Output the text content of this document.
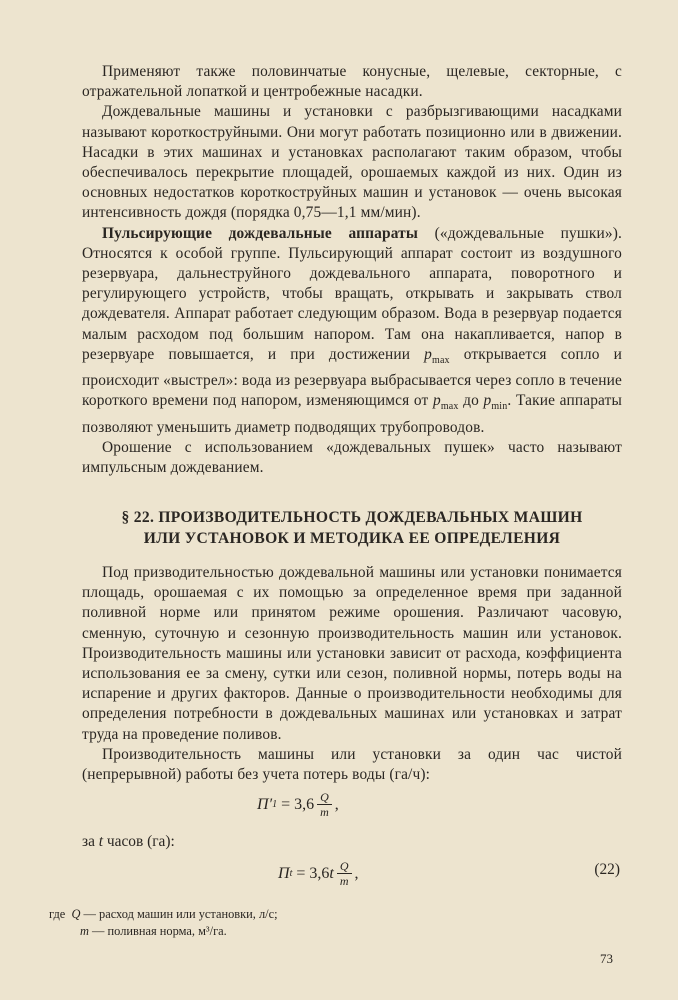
Применяют также половинчатые конусные, щелевые, секторные, с отражательной лопаткой и центробежные насадки.

Дождевальные машины и установки с разбрызгивающими насадками называют короткоструйными. Они могут работать позиционно или в движении. Насадки в этих машинах и установках располагают таким образом, чтобы обеспечивалось перекрытие площадей, орошаемых каждой из них. Один из основных недостатков короткоструйных машин и установок — очень высокая интенсивность дождя (порядка 0,75—1,1 мм/мин).

Пульсирующие дождевальные аппараты («дождевальные пушки»). Относятся к особой группе. Пульсирующий аппарат состоит из воздушного резервуара, дальнеструйного дождевального аппарата, поворотного и регулирующего устройств, чтобы вращать, открывать и закрывать ствол дождевателя. Аппарат работает следующим образом. Вода в резервуар подается малым расходом под большим напором. Там она накапливается, напор в резервуаре повышается, и при достижении $p_{max}$ открывается сопло и происходит «выстрел»: вода из резервуара выбрасывается через сопло в течение короткого времени под напором, изменяющимся от $p_{max}$ до $p_{min}$. Такие аппараты позволяют уменьшить диаметр подводящих трубопроводов.

Орошение с использованием «дождевальных пушек» часто называют импульсным дождеванием.

§ 22. ПРОИЗВОДИТЕЛЬНОСТЬ ДОЖДЕВАЛЬНЫХ МАШИН
ИЛИ УСТАНОВОК И МЕТОДИКА ЕЕ ОПРЕДЕЛЕНИЯ

Под призводительностью дождевальной машины или установки понимается площадь, орошаемая с их помощью за определенное время при заданной поливной норме или принятом режиме орошения. Различают часовую, сменную, суточную и сезонную производительность машин или установок. Производительность машины или установки зависит от расхода, коэффициента использования ее за смену, сутки или сезон, поливной нормы, потерь воды на испарение и других факторов. Данные о производительности необходимы для определения потребности в дождевальных машинах или установках и затрат труда на проведение поливов.

Производительность машины или установки за один час чистой (непрерывной) работы без учета потерь воды (га/ч):

П ′ $1 = 3,6 \frac{Q}{m}$ ,
за t часов (га):
П t = 3,6 t $\frac{Q}{m}$ ,	(22)
где Q — расход машин или установки, л/с;
m — поливная норма, м³/га.
73
